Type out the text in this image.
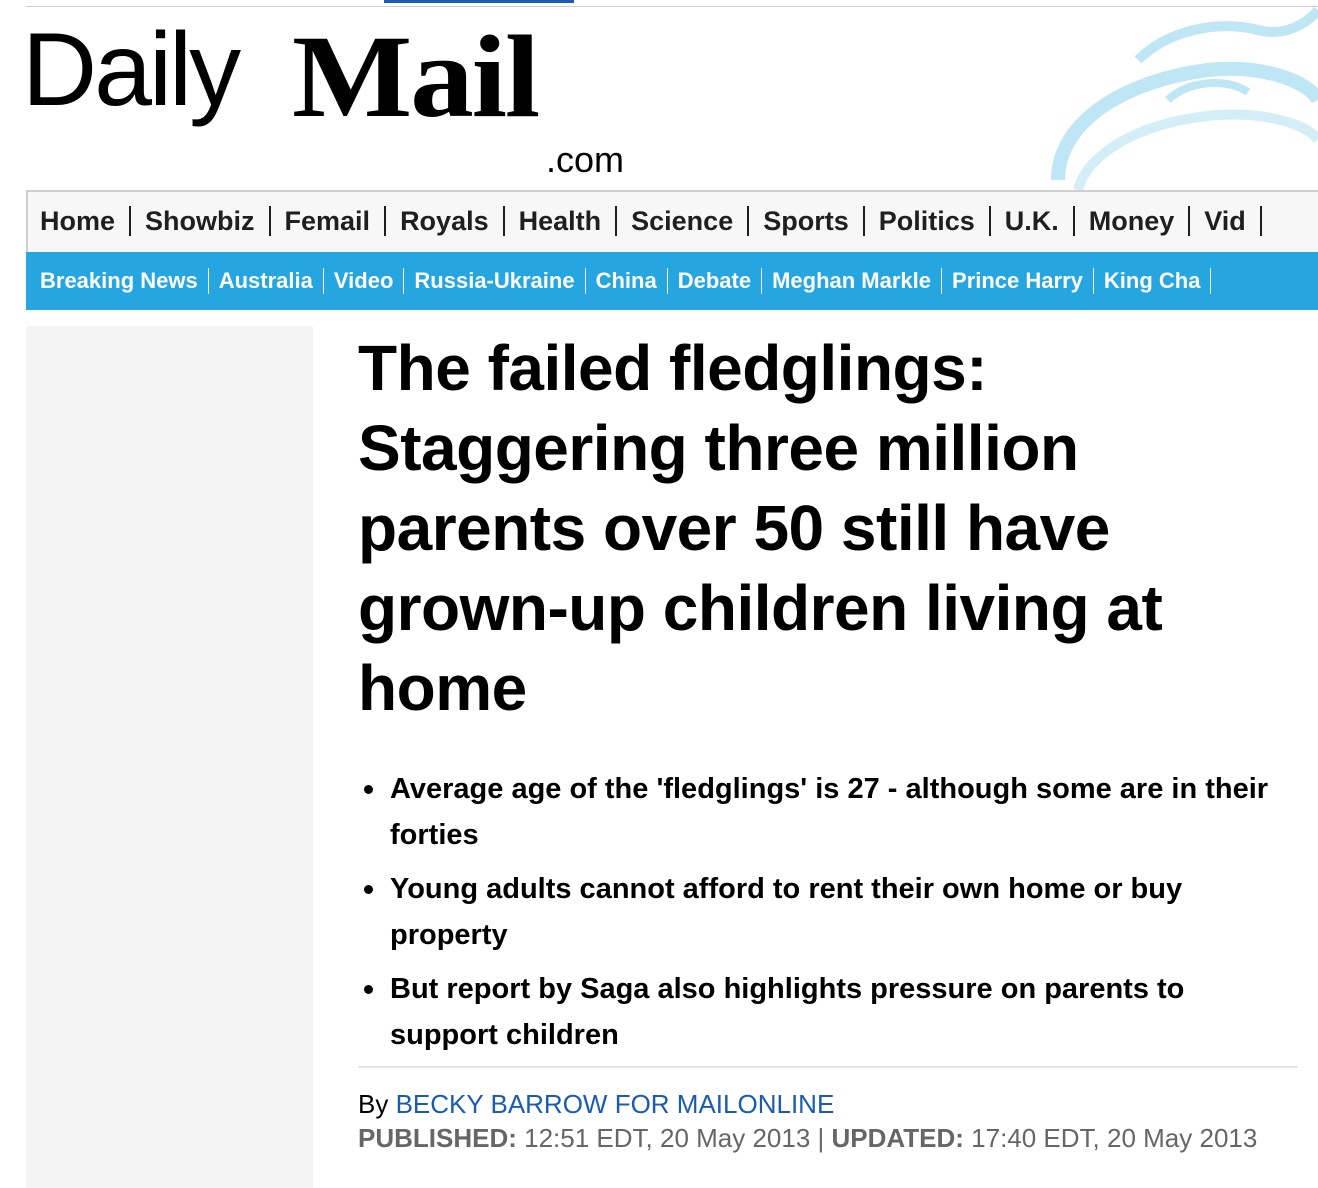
Daily Mail
.com
Home	Showbiz	Femail	Royals	Health	Science	Sports	Politics	U.K.	Money	Vid
Breaking News Australia Video Russia-Ukraine China Debate Meghan Markle Prince Harry King Cha
The failed fledglings: Staggering three million parents over 50 still have grown-up children living at home
Average age of the 'fledglings' is 27 - although some are in their forties
Young adults cannot afford to rent their own home or buy property
But report by Saga also highlights pressure on parents to support children
By BECKY BARROW FOR MAILONLINE
PUBLISHED: 12:51 EDT, 20 May 2013 | UPDATED: 17:40 EDT, 20 May 2013
